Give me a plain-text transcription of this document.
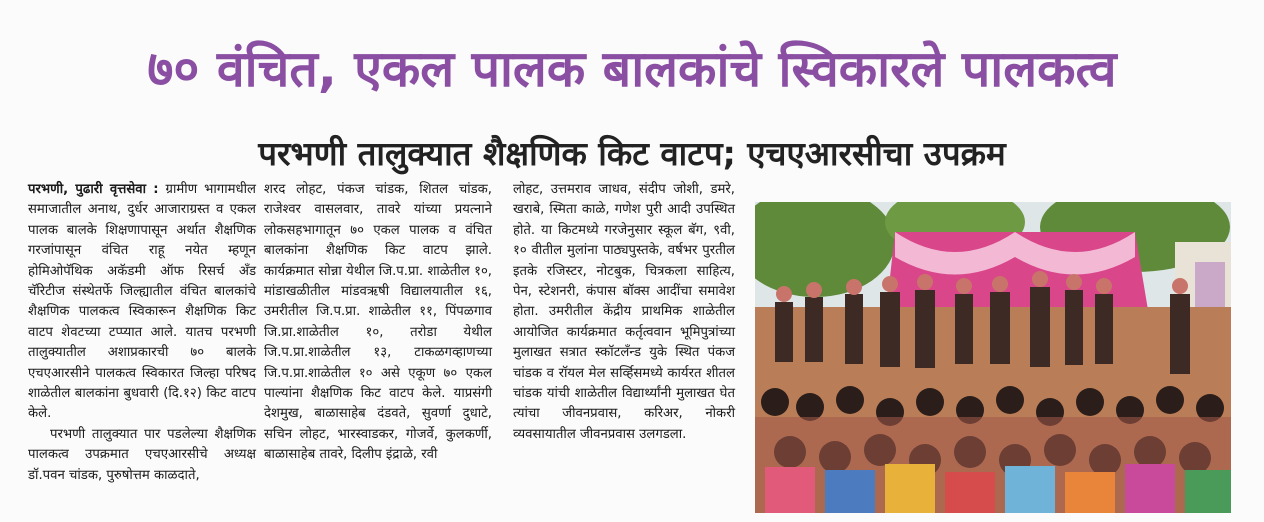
७० वंचित, एकल पालक बालकांचे स्विकारले पालकत्व
परभणी तालुक्यात शैक्षणिक किट वाटप; एचएआरसीचा उपक्रम

परभणी, पुढारी वृत्तसेवा : ग्रामीण भागामधील समाजातील अनाथ, दुर्धर आजाराग्रस्त व एकल पालक बालके शिक्षणापासून अर्थात शैक्षणिक गरजांपासून वंचित राहू नयेत म्हणून होमिओपॅथिक अकॅडमी ऑफ रिसर्च अँड चॅरिटीज संस्थेतर्फे जिल्ह्यातील वंचित बालकांचे शैक्षणिक पालकत्व स्विकारून शैक्षणिक किट वाटप शेवटच्या टप्प्यात आले. यातच परभणी तालुक्यातील अशाप्रकारची ७० बालके एचएआरसीने पालकत्व स्विकारत जिल्हा परिषद शाळेतील बालकांना बुधवारी (दि.१२) किट वाटप केले.

परभणी तालुक्यात पार पडलेल्या शैक्षणिक पालकत्व उपक्रमात एचएआरसीचे अध्यक्ष डॉ.पवन चांडक, पुरुषोत्तम काळदाते,

शरद लोहट, पंकज चांडक, शितल चांडक, राजेश्वर वासलवार, तावरे यांच्या प्रयत्नाने लोकसहभागातून ७० एकल पालक व वंचित बालकांना शैक्षणिक किट वाटप झाले. कार्यक्रमात सोन्ना येथील जि.प.प्रा. शाळेतील १०, मांडाखळीतील मांडवऋषी विद्यालयातील १६, उमरीतील जि.प.प्रा. शाळेतील ११, पिंपळगाव जि.प्रा.शाळेतील १०, तरोडा येथील जि.प.प्रा.शाळेतील १३, टाकळगव्हाणच्या जि.प.प्रा.शाळेतील १० असे एकूण ७० एकल पाल्यांना शैक्षणिक किट वाटप केले. याप्रसंगी देशमुख, बाळासाहेब दंडवते, सुवर्णा दुधाटे, सचिन लोहट, भारस्वाडकर, गोजर्वे, कुलकर्णी, बाळासाहेब तावरे, दिलीप इंद्राळे, रवी

लोहट, उत्तमराव जाधव, संदीप जोशी, डमरे, खराबे, स्मिता काळे, गणेश पुरी आदी उपस्थित होते. या किटमध्ये गरजेनुसार स्कूल बॅग, ९वी, १० वीतील मुलांना पाठ्यपुस्तके, वर्षभर पुरतील इतके रजिस्टर, नोटबुक, चित्रकला साहित्य, पेन, स्टेशनरी, कंपास बॉक्स आदींचा समावेश होता. उमरीतील केंद्रीय प्राथमिक शाळेतील आयोजित कार्यक्रमात कर्तृत्ववान भूमिपुत्रांच्या मुलाखत सत्रात स्कॉटलँन्ड युके स्थित पंकज चांडक व रॉयल मेल सर्व्हिसमध्ये कार्यरत शीतल चांडक यांची शाळेतील विद्यार्थ्यांनी मुलाखत घेत त्यांचा जीवनप्रवास, करिअर, नोकरी व्यवसायातील जीवनप्रवास उलगडला.
